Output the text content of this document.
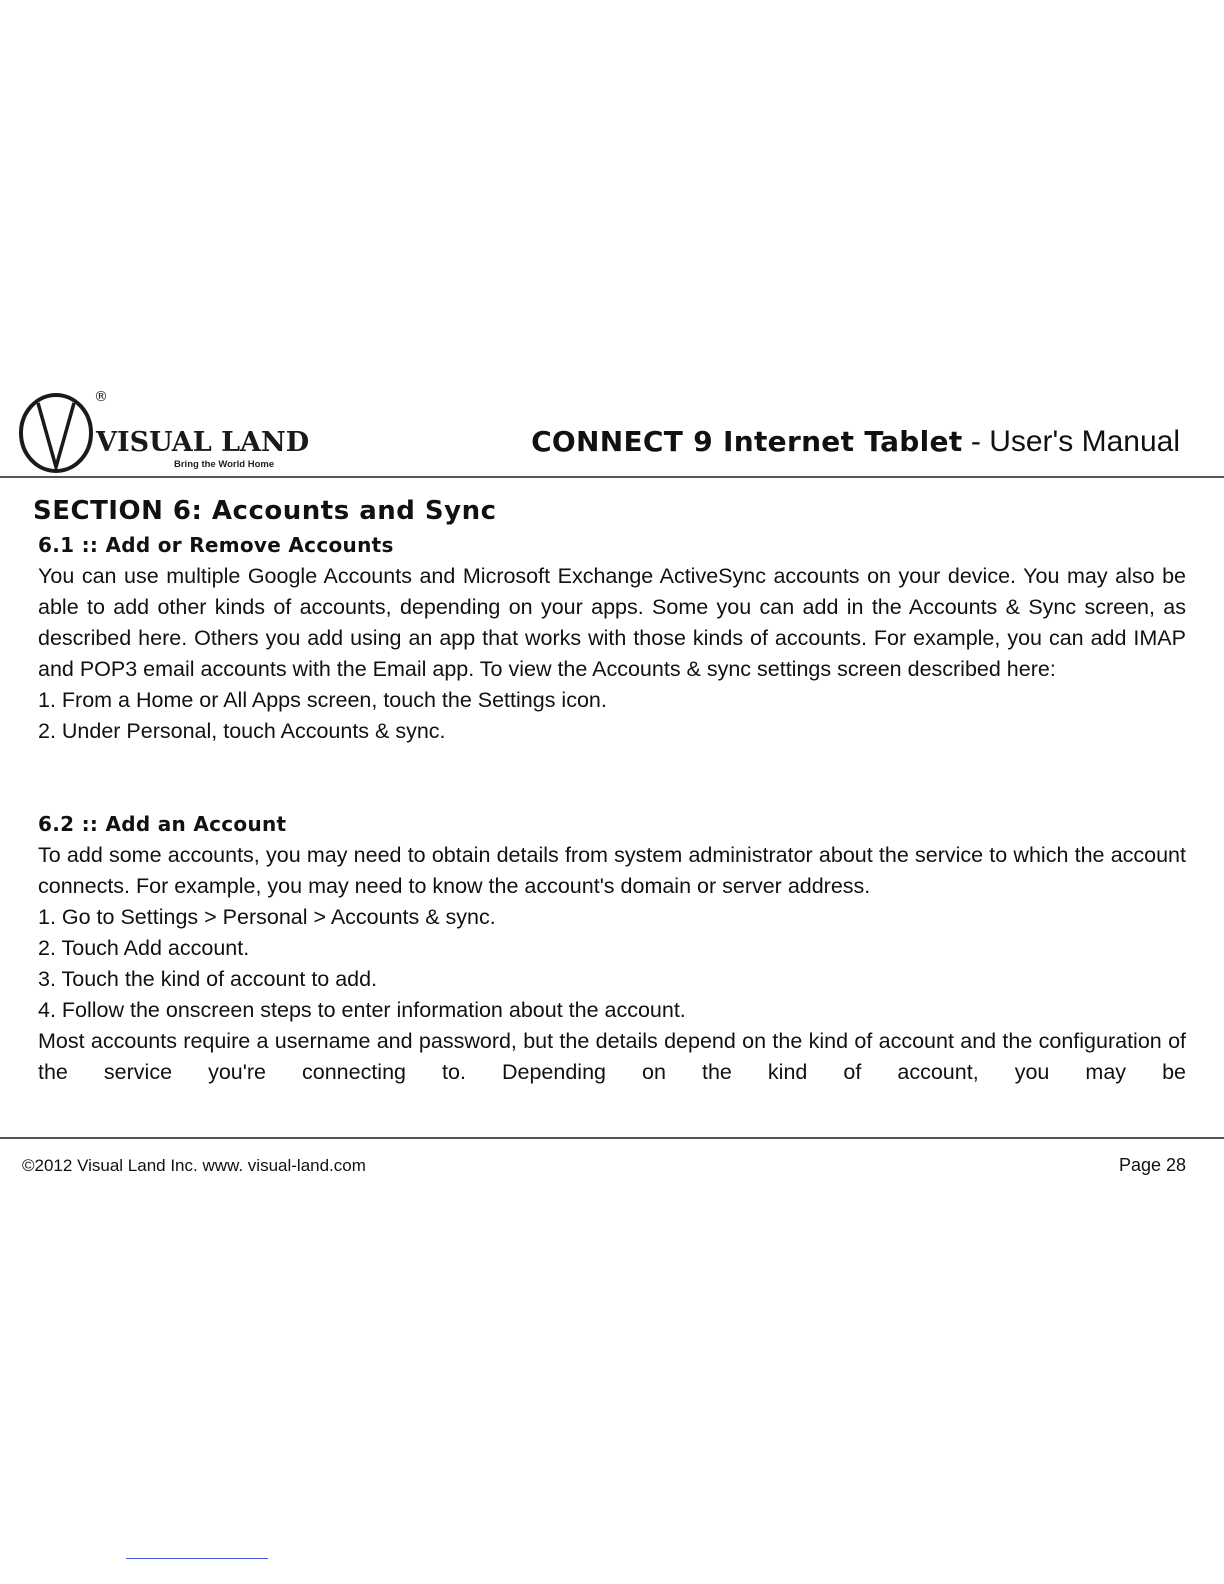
®
VISUAL LAND
Bring the World Home
CONNECT 9 Internet Tablet - User's Manual
SECTION 6: Accounts and Sync

6.1 :: Add or Remove Accounts

You can use multiple Google Accounts and Microsoft Exchange ActiveSync accounts on your device. You may also be able to add other kinds of accounts, depending on your apps. Some you can add in the Accounts & Sync screen, as described here. Others you add using an app that works with those kinds of accounts. For example, you can add IMAP and POP3 email accounts with the Email app. To view the Accounts & sync settings screen described here:

1. From a Home or All Apps screen, touch the Settings icon.

2. Under Personal, touch Accounts & sync.

6.2 :: Add an Account

To add some accounts, you may need to obtain details from system administrator about the service to which the account connects. For example, you may need to know the account's domain or server address.

1. Go to Settings > Personal > Accounts & sync.

2. Touch Add account.

3. Touch the kind of account to add.

4. Follow the onscreen steps to enter information about the account.

Most accounts require a username and password, but the details depend on the kind of account and the configuration of the service you're connecting to. Depending on the kind of account, you may be

©2012 Visual Land Inc. www. visual-land.com	Page 28
